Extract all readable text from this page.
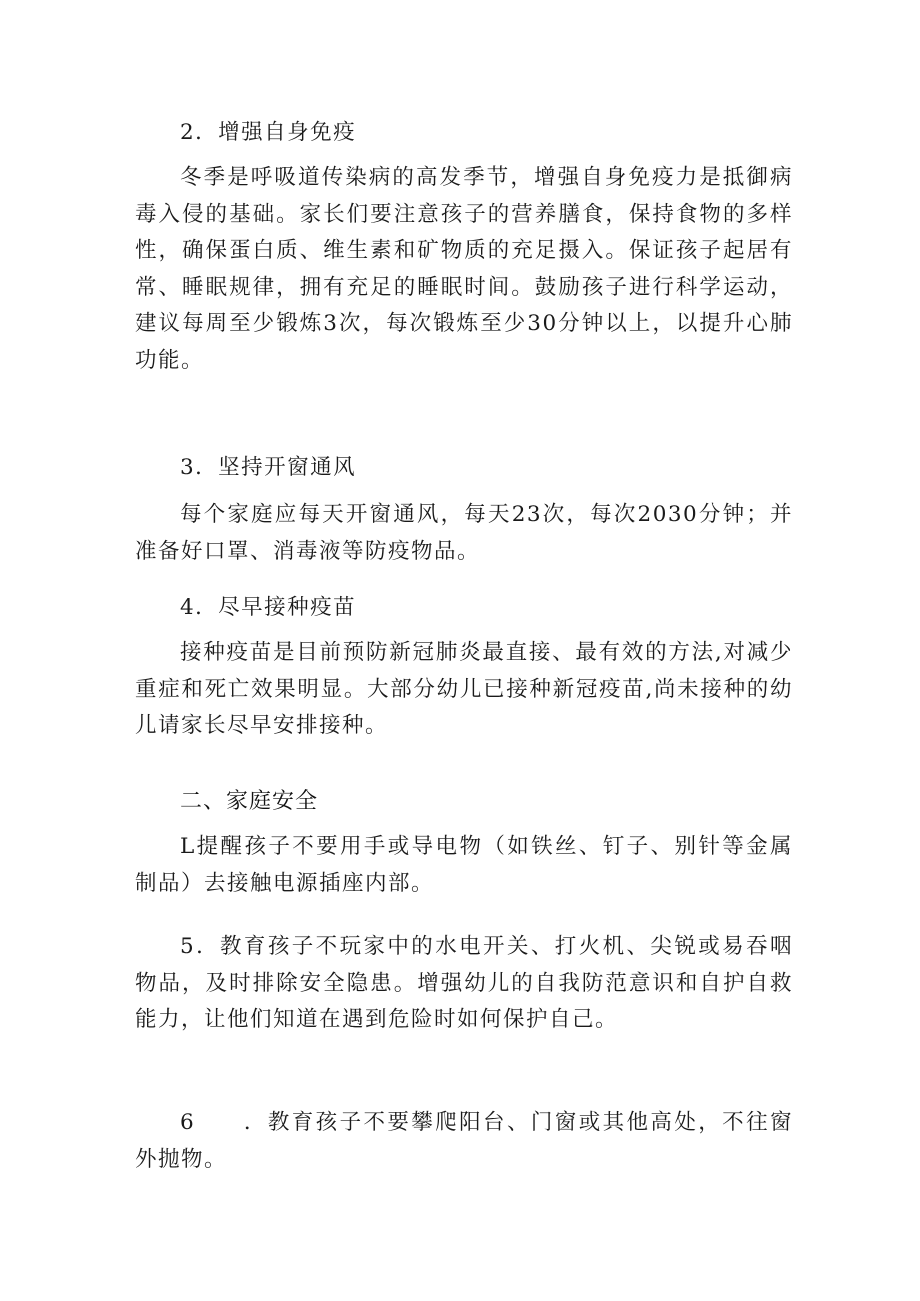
2．增强自身免疫

冬季是呼吸道传染病的高发季节，增强自身免疫力是抵御病毒入侵的基础。家长们要注意孩子的营养膳食，保持食物的多样性，确保蛋白质、维生素和矿物质的充足摄入。保证孩子起居有常、睡眠规律，拥有充足的睡眠时间。鼓励孩子进行科学运动，建议每周至少锻炼3次，每次锻炼至少30分钟以上，以提升心肺功能。

3．坚持开窗通风

每个家庭应每天开窗通风，每天23次，每次2030分钟；并准备好口罩、消毒液等防疫物品。

4．尽早接种疫苗

接种疫苗是目前预防新冠肺炎最直接、最有效的方法,对减少重症和死亡效果明显。大部分幼儿已接种新冠疫苗,尚未接种的幼儿请家长尽早安排接种。

二、家庭安全

L提醒孩子不要用手或导电物（如铁丝、钉子、别针等金属制品）去接触电源插座内部。

5．教育孩子不玩家中的水电开关、打火机、尖锐或易吞咽物品，及时排除安全隐患。增强幼儿的自我防范意识和自护自救能力，让他们知道在遇到危险时如何保护自己。

6　　．教育孩子不要攀爬阳台、门窗或其他高处，不往窗外抛物。
